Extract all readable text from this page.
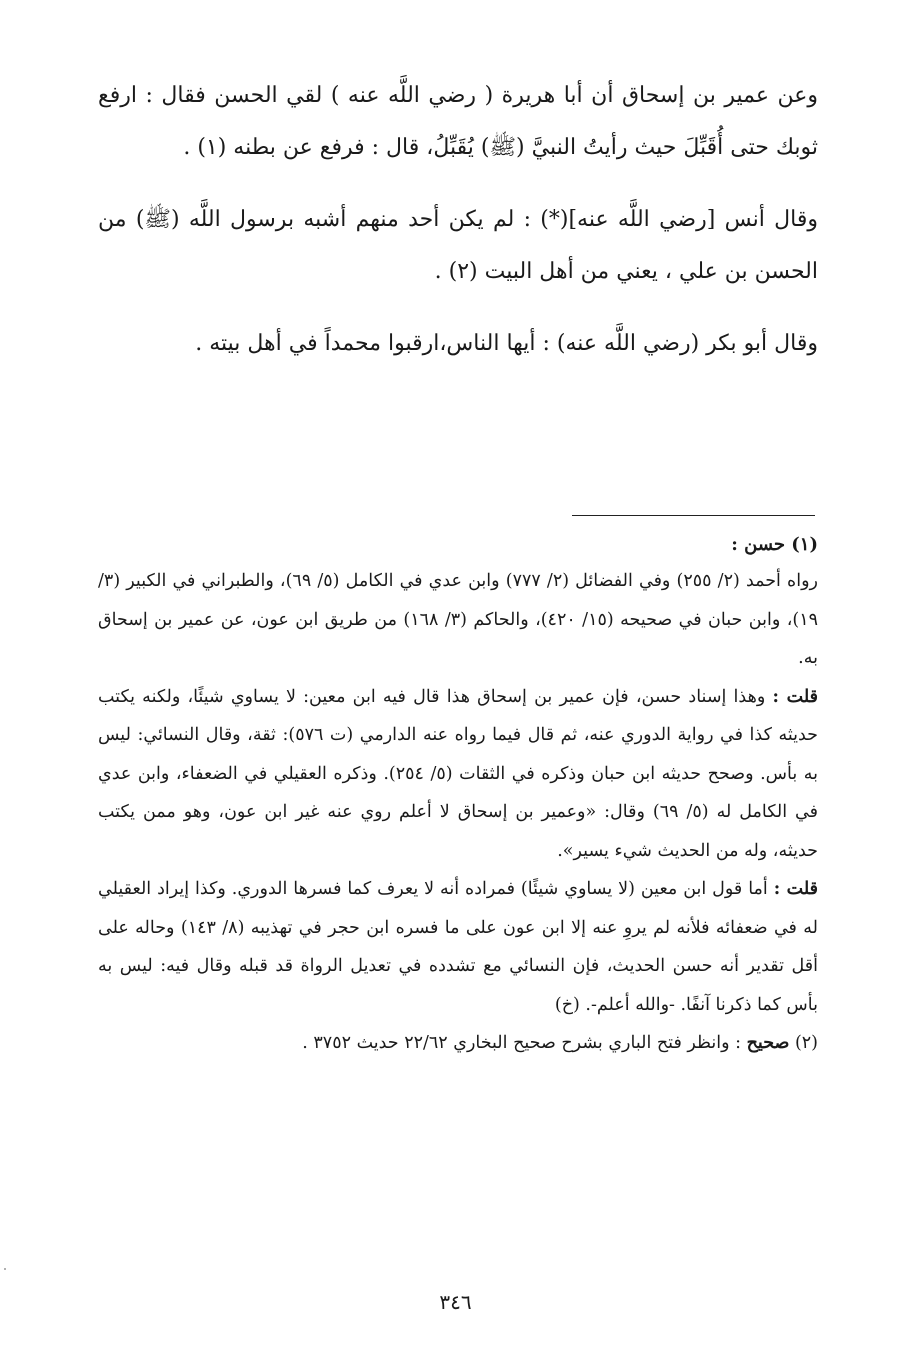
وعن عمير بن إسحاق أن أبا هريرة ( رضي اللَّه عنه ) لقي الحسن فقال : ارفع ثوبك حتى أُقَبِّلَ حيث رأيتُ النبيَّ (ﷺ) يُقَبِّلُ، قال : فرفع عن بطنه (١) .

وقال أنس [رضي اللَّه عنه](*) : لم يكن أحد منهم أشبه برسول اللَّه (ﷺ) من الحسن بن علي ، يعني من أهل البيت (٢) .

وقال أبو بكر (رضي اللَّه عنه) : أيها الناس،ارقبوا محمداً في أهل بيته .

(١) حسن :

رواه أحمد (٢/ ٢٥٥) وفي الفضائل (٢/ ٧٧٧) وابن عدي في الكامل (٥/ ٦٩)، والطبراني في الكبير (٣/ ١٩)، وابن حبان في صحيحه (١٥/ ٤٢٠)، والحاكم (٣/ ١٦٨) من طريق ابن عون، عن عمير بن إسحاق به.

قلت : وهذا إسناد حسن، فإن عمير بن إسحاق هذا قال فيه ابن معين: لا يساوي شيئًا، ولكنه يكتب حديثه كذا في رواية الدوري عنه، ثم قال فيما رواه عنه الدارمي (ت ٥٧٦): ثقة، وقال النسائي: ليس به بأس. وصحح حديثه ابن حبان وذكره في الثقات (٥/ ٢٥٤). وذكره العقيلي في الضعفاء، وابن عدي في الكامل له (٥/ ٦٩) وقال: «وعمير بن إسحاق لا أعلم روي عنه غير ابن عون، وهو ممن يكتب حديثه، وله من الحديث شيء يسير».

قلت : أما قول ابن معين (لا يساوي شيئًا) فمراده أنه لا يعرف كما فسرها الدوري. وكذا إيراد العقيلي له في ضعفائه فلأنه لم يروِ عنه إلا ابن عون على ما فسره ابن حجر في تهذيبه (٨/ ١٤٣) وحاله على أقل تقدير أنه حسن الحديث، فإن النسائي مع تشدده في تعديل الرواة قد قبله وقال فيه: ليس به بأس كما ذكرنا آنفًا. -والله أعلم-. (خ)

(٢) صحيح : وانظر فتح الباري بشرح صحيح البخاري ٢٢/٦٢ حديث ٣٧٥٢ .

٣٤٦
